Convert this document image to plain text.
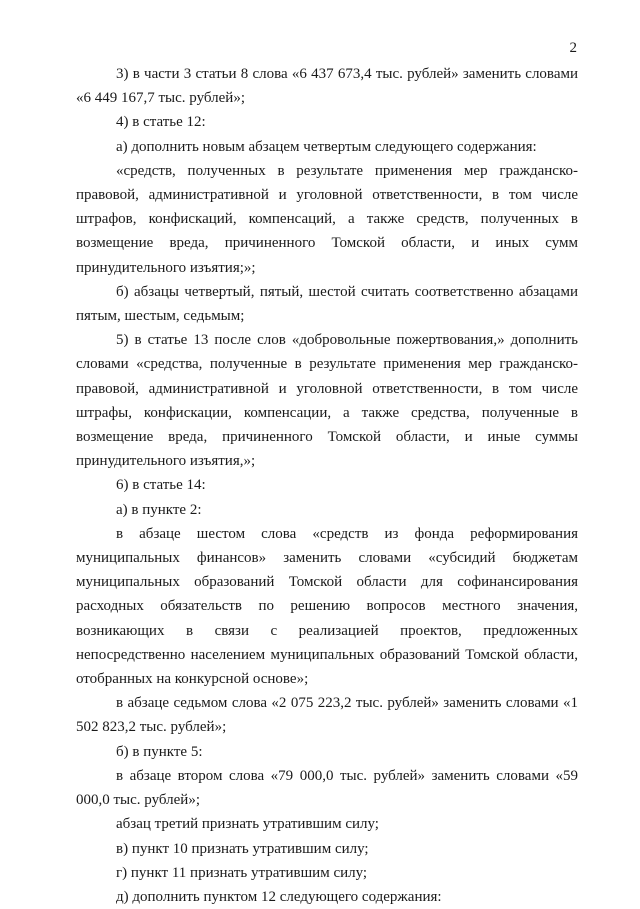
2

3) в части 3 статьи 8 слова «6 437 673,4 тыс. рублей» заменить словами «6 449 167,7 тыс. рублей»;

4) в статье 12:

а) дополнить новым абзацем четвертым следующего содержания:

«средств, полученных в результате применения мер гражданско-правовой, административной и уголовной ответственности, в том числе штрафов, конфискаций, компенсаций, а также средств, полученных в возмещение вреда, причиненного Томской области, и иных сумм принудительного изъятия;»;

б) абзацы четвертый, пятый, шестой считать соответственно абзацами пятым, шестым, седьмым;

5) в статье 13 после слов «добровольные пожертвования,» дополнить словами «средства, полученные в результате применения мер гражданско-правовой, административной и уголовной ответственности, в том числе штрафы, конфискации, компенсации, а также средства, полученные в возмещение вреда, причиненного Томской области, и иные суммы принудительного изъятия,»;

6) в статье 14:

а) в пункте 2:

в абзаце шестом слова «средств из фонда реформирования муниципальных финансов» заменить словами «субсидий бюджетам муниципальных образований Томской области для софинансирования расходных обязательств по решению вопросов местного значения, возникающих в связи с реализацией проектов, предложенных непосредственно населением муниципальных образований Томской области, отобранных на конкурсной основе»;

в абзаце седьмом слова «2 075 223,2 тыс. рублей» заменить словами «1 502 823,2 тыс. рублей»;

б) в пункте 5:

в абзаце втором слова «79 000,0 тыс. рублей» заменить словами «59 000,0 тыс. рублей»;

абзац третий признать утратившим силу;

в) пункт 10 признать утратившим силу;

г) пункт 11 признать утратившим силу;

д) дополнить пунктом 12 следующего содержания:
